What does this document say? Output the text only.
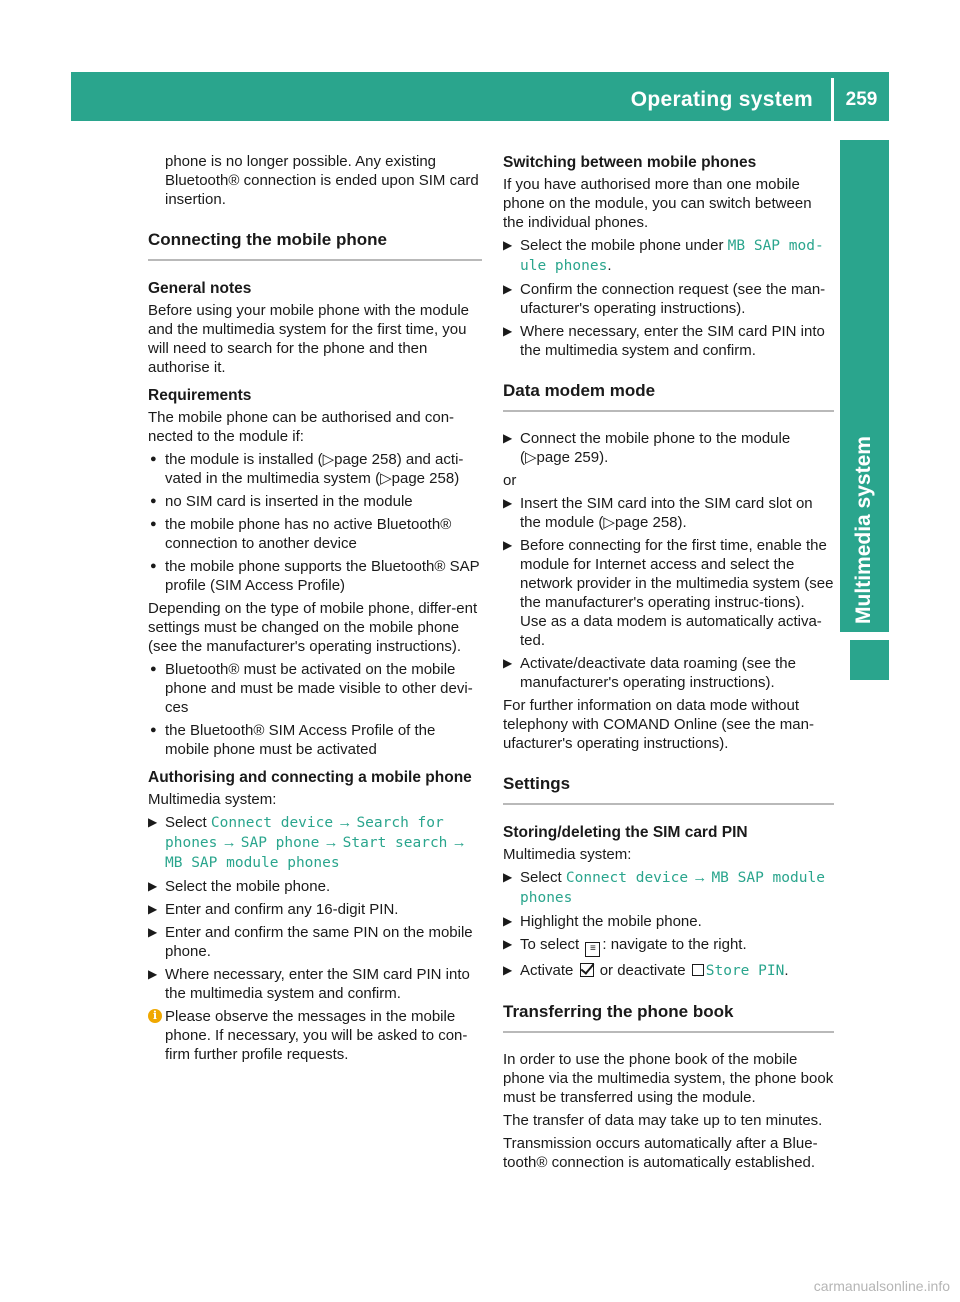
Operating system	259
Multimedia system

phone is no longer possible. Any existing Bluetooth® connection is ended upon SIM card insertion.

Connecting the mobile phone
General notes

Before using your mobile phone with the module and the multimedia system for the first time, you will need to search for the phone and then authorise it.

Requirements

The mobile phone can be authorised and con-nected to the module if:

● the module is installed (▷page 258) and acti-vated in the multimedia system (▷page 258)
● no SIM card is inserted in the module
● the mobile phone has no active Bluetooth® connection to another device
● the mobile phone supports the Bluetooth® SAP profile (SIM Access Profile)

Depending on the type of mobile phone, differ-ent settings must be changed on the mobile phone (see the manufacturer's operating instructions).

● Bluetooth® must be activated on the mobile phone and must be made visible to other devi-ces
● the Bluetooth® SIM Access Profile of the mobile phone must be activated
Authorising and connecting a mobile phone

Multimedia system:

▶ Select Connect device → Search for phones → SAP phone → Start search → MB SAP module phones
▶ Select the mobile phone.
▶ Enter and confirm any 16-digit PIN.
▶ Enter and confirm the same PIN on the mobile phone.
▶ Where necessary, enter the SIM card PIN into the multimedia system and confirm.
i Please observe the messages in the mobile phone. If necessary, you will be asked to con-firm further profile requests.
Switching between mobile phones

If you have authorised more than one mobile phone on the module, you can switch between the individual phones.

▶ Select the mobile phone under MB SAP mod-ule phones.
▶ Confirm the connection request (see the man-ufacturer's operating instructions).
▶ Where necessary, enter the SIM card PIN into the multimedia system and confirm.
Data modem mode
▶ Connect the mobile phone to the module (▷page 259).

or

▶ Insert the SIM card into the SIM card slot on the module (▷page 258).
▶ Before connecting for the first time, enable the module for Internet access and select the network provider in the multimedia system (see the manufacturer's operating instruc-tions).
Use as a data modem is automatically activa-ted.
▶ Activate/deactivate data roaming (see the manufacturer's operating instructions).

For further information on data mode without telephony with COMAND Online (see the man-ufacturer's operating instructions).

Settings
Storing/deleting the SIM card PIN

Multimedia system:

▶ Select Connect device → MB SAP module phones
▶ Highlight the mobile phone.
▶ To select ≡ : navigate to the right.
▶ Activate or deactivate Store PIN.
Transferring the phone book

In order to use the phone book of the mobile phone via the multimedia system, the phone book must be transferred using the module.

The transfer of data may take up to ten minutes.

Transmission occurs automatically after a Blue-tooth® connection is automatically established.

carmanualsonline.info
